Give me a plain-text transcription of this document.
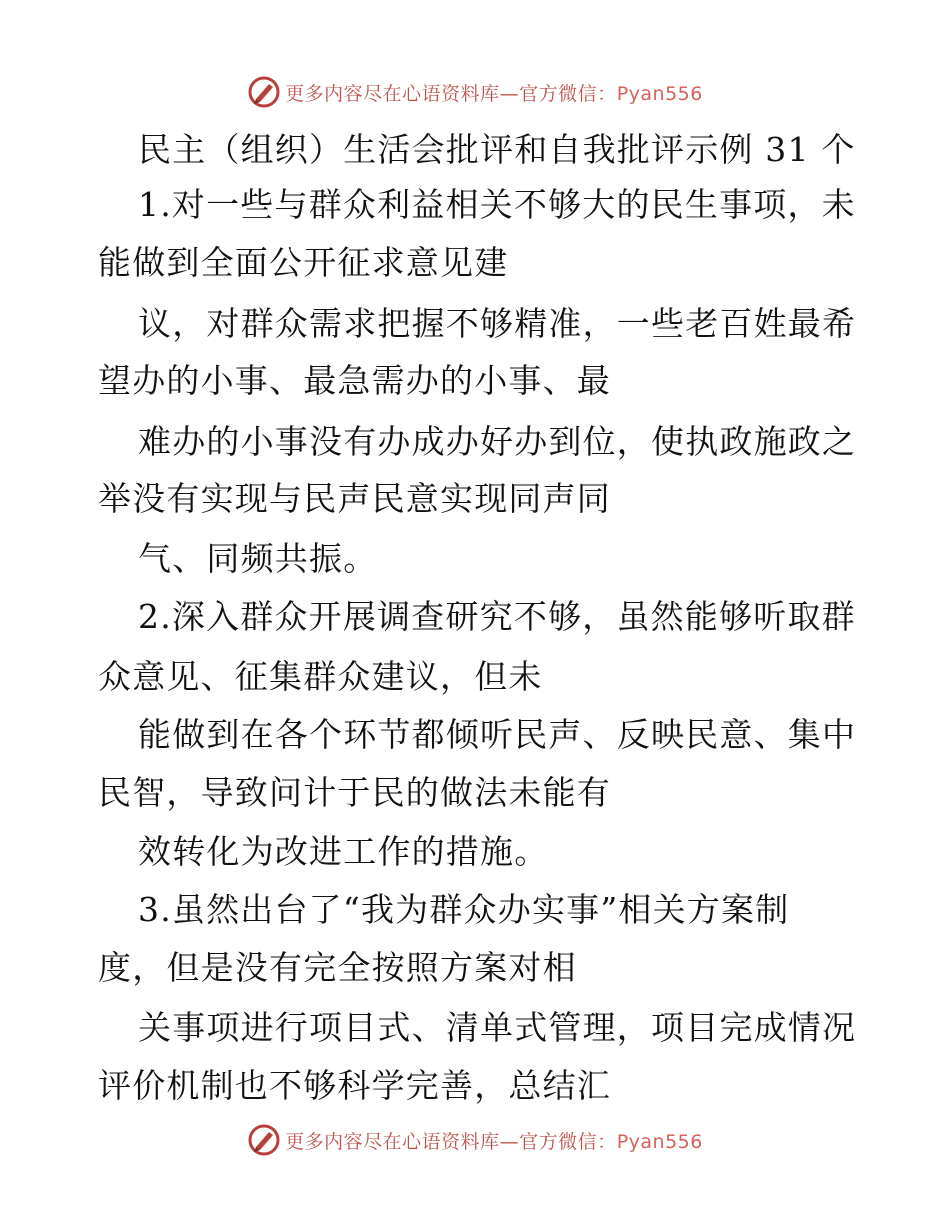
更多内容尽在心语资料库—官方微信：Pyan556
民主（组织）生活会批评和自我批评示例 31 个
1.对一些与群众利益相关不够大的民生事项，未
能做到全面公开征求意见建
议，对群众需求把握不够精准，一些老百姓最希
望办的小事、最急需办的小事、最
难办的小事没有办成办好办到位，使执政施政之
举没有实现与民声民意实现同声同
气、同频共振。
2.深入群众开展调查研究不够，虽然能够听取群
众意见、征集群众建议，但未
能做到在各个环节都倾听民声、反映民意、集中
民智，导致问计于民的做法未能有
效转化为改进工作的措施。
3.虽然出台了“我为群众办实事”相关方案制
度，但是没有完全按照方案对相
关事项进行项目式、清单式管理，项目完成情况
评价机制也不够科学完善，总结汇
更多内容尽在心语资料库—官方微信：Pyan556
